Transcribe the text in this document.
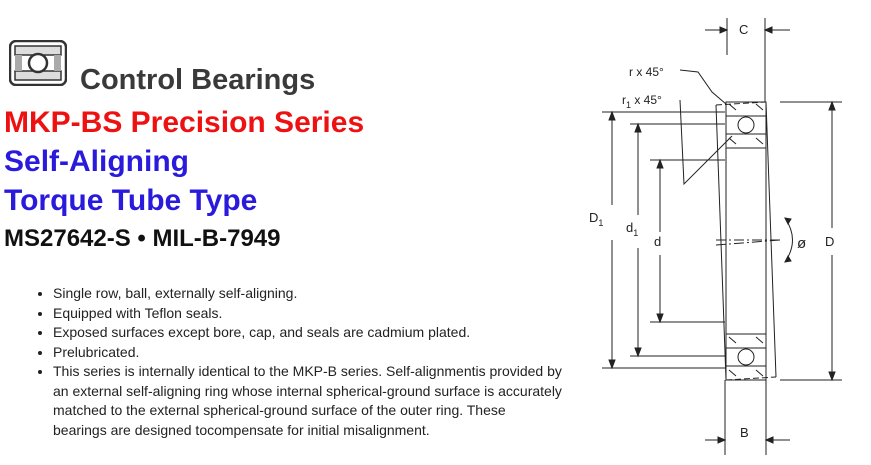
Control Bearings
MKP-BS Precision Series
Self-Aligning
Torque Tube Type
MS27642-S • MIL-B-7949
• Single row, ball, externally self-aligning.
• Equipped with Teflon seals.
• Exposed surfaces except bore, cap, and seals are cadmium plated.
• Prelubricated.
• This series is internally identical to the MKP-B series. Self-alignmentis provided by an external self-aligning ring whose internal spherical-ground surface is accurately matched to the external spherical-ground surface of the outer ring. These bearings are designed tocompensate for initial misalignment.
C
r x 45°
$r_1$ x 45°
$D_1$ $d_1$
d	ø D
B
